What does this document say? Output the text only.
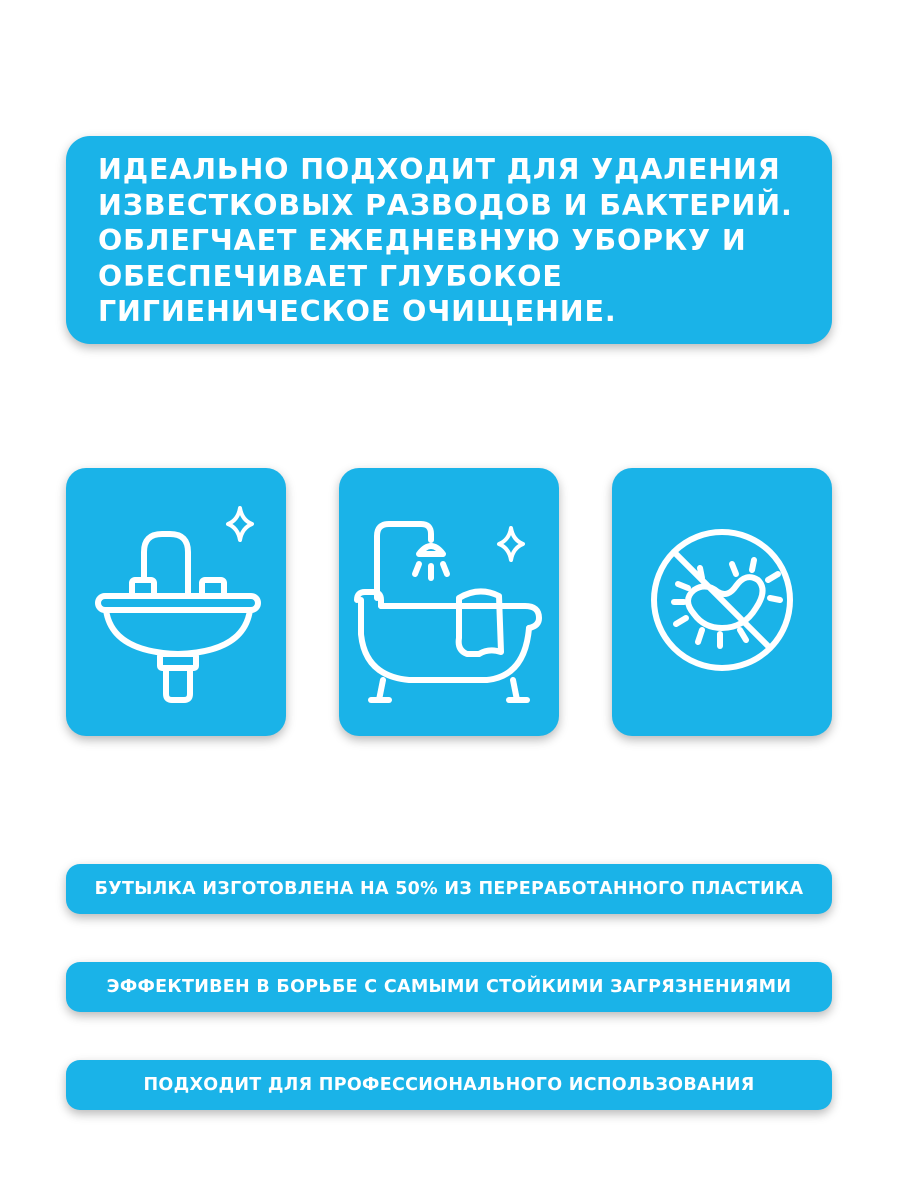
ИДЕАЛЬНО ПОДХОДИТ ДЛЯ УДАЛЕНИЯ
ИЗВЕСТКОВЫХ РАЗВОДОВ И БАКТЕРИЙ.
ОБЛЕГЧАЕТ ЕЖЕДНЕВНУЮ УБОРКУ И
ОБЕСПЕЧИВАЕТ ГЛУБОКОЕ
ГИГИЕНИЧЕСКОЕ ОЧИЩЕНИЕ.

БУТЫЛКА ИЗГОТОВЛЕНА НА 50% ИЗ ПЕРЕРАБОТАННОГО ПЛАСТИКА

ЭФФЕКТИВЕН В БОРЬБЕ С САМЫМИ СТОЙКИМИ ЗАГРЯЗНЕНИЯМИ

ПОДХОДИТ ДЛЯ ПРОФЕССИОНАЛЬНОГО ИСПОЛЬЗОВАНИЯ
